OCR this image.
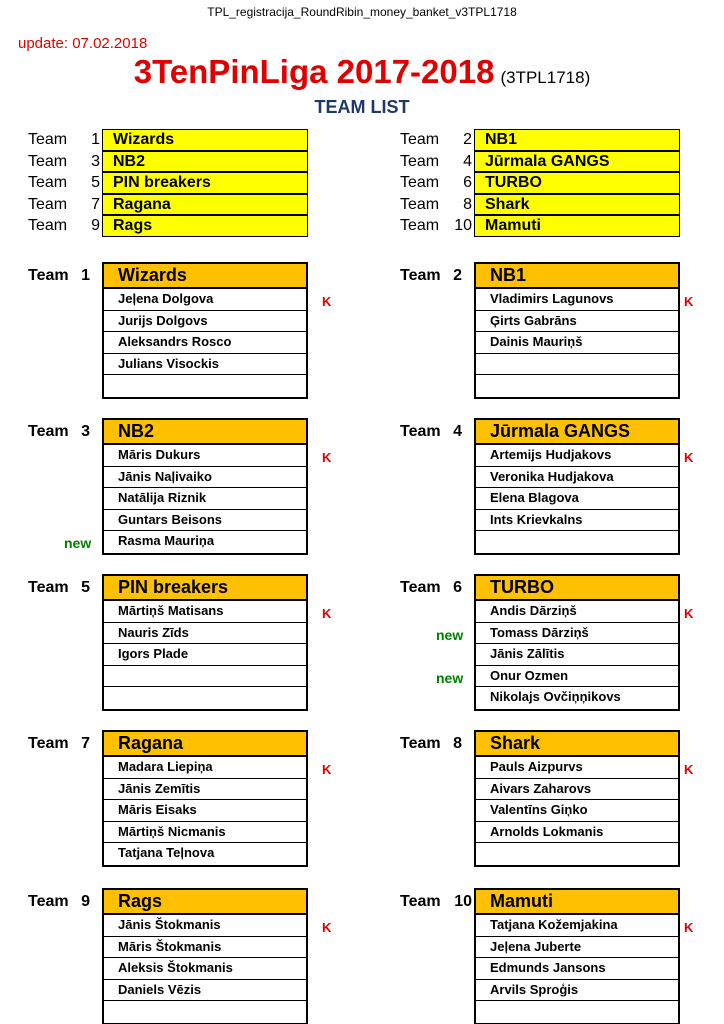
TPL_registracija_RoundRibin_money_banket_v3TPL1718
update: 07.02.2018
3TenPinLiga 2017-2018 (3TPL1718)
TEAM LIST
Team	1 Wizards	Team	2 NB1
Team	3 NB2	Team	4 Jūrmala GANGS
Team	5 PIN breakers	Team	6 TURBO
Team	7 Ragana	Team	8 Shark
Team	9 Rags	Team 10 Mamuti
Team 1	Wizards
Jeļena Dolgova
Jurijs Dolgovs
Aleksandrs Rosco
Julians Visockis
K
Team 2	NB1
Vladimirs Lagunovs
Ģirts Gabrāns
Dainis Mauriņš
K
Team 3	NB2
Māris Dukurs
Jānis Naļivaiko
Natālija Riznik
Guntars Beisons
Rasma Mauriņa
K
new
Team 4	Jūrmala GANGS
Artemijs Hudjakovs
Veronika Hudjakova
Elena Blagova
Ints Krievkalns
K
Team 5	PIN breakers
Mārtiņš Matisans
Nauris Zīds
Igors Plade
K
Team 6	TURBO
Andis Dārziņš
Tomass Dārziņš
Jānis Zālītis
Onur Ozmen
Nikolajs Ovčiņņikovs
K
new
new
Team 7	Ragana
Madara Liepiņa
Jānis Zemītis
Māris Eisaks
Mārtiņš Nicmanis
Tatjana Teļnova
K
Team 8	Shark
Pauls Aizpurvs
Aivars Zaharovs
Valentīns Giņko
Arnolds Lokmanis
K
Team 9	Rags
Jānis Štokmanis
Māris Štokmanis
Aleksis Štokmanis
Daniels Vēzis
K
Team 10	Mamuti
Tatjana Kožemjakina
Jeļena Juberte
Edmunds Jansons
Arvils Sproģis
K
